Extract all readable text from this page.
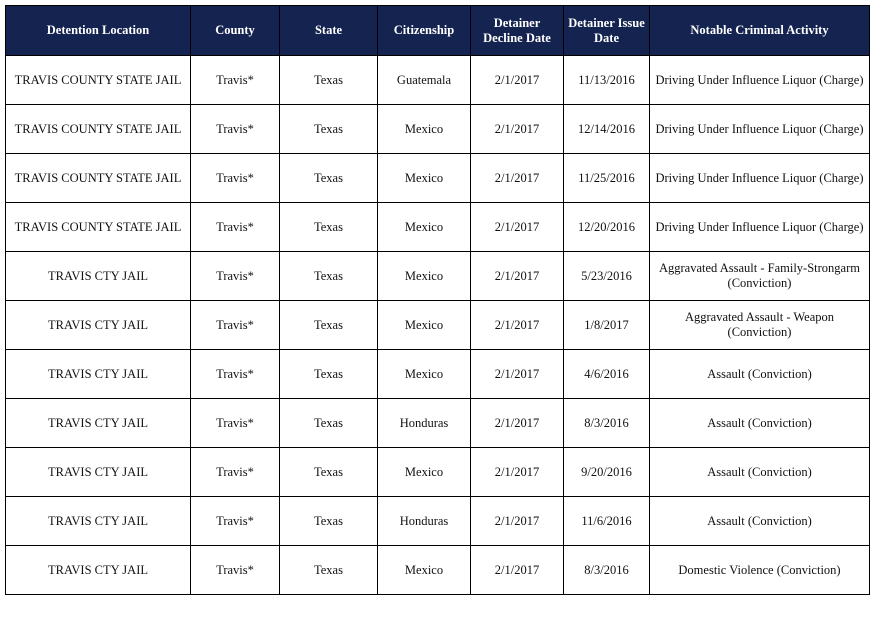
Detention Location	County	State	Citizenship	Detainer Decline Date	Detainer Issue Date	Notable Criminal Activity
TRAVIS COUNTY STATE JAIL	Travis*	Texas	Guatemala	2/1/2017	11/13/2016	Driving Under Influence Liquor (Charge)
TRAVIS COUNTY STATE JAIL	Travis*	Texas	Mexico	2/1/2017	12/14/2016	Driving Under Influence Liquor (Charge)
TRAVIS COUNTY STATE JAIL	Travis*	Texas	Mexico	2/1/2017	11/25/2016	Driving Under Influence Liquor (Charge)
TRAVIS COUNTY STATE JAIL	Travis*	Texas	Mexico	2/1/2017	12/20/2016	Driving Under Influence Liquor (Charge)
TRAVIS CTY JAIL	Travis*	Texas	Mexico	2/1/2017	5/23/2016	Aggravated Assault - Family-Strongarm (Conviction)
TRAVIS CTY JAIL	Travis*	Texas	Mexico	2/1/2017	1/8/2017	Aggravated Assault - Weapon (Conviction)
TRAVIS CTY JAIL	Travis*	Texas	Mexico	2/1/2017	4/6/2016	Assault (Conviction)
TRAVIS CTY JAIL	Travis*	Texas	Honduras	2/1/2017	8/3/2016	Assault (Conviction)
TRAVIS CTY JAIL	Travis*	Texas	Mexico	2/1/2017	9/20/2016	Assault (Conviction)
TRAVIS CTY JAIL	Travis*	Texas	Honduras	2/1/2017	11/6/2016	Assault (Conviction)
TRAVIS CTY JAIL	Travis*	Texas	Mexico	2/1/2017	8/3/2016	Domestic Violence (Conviction)
